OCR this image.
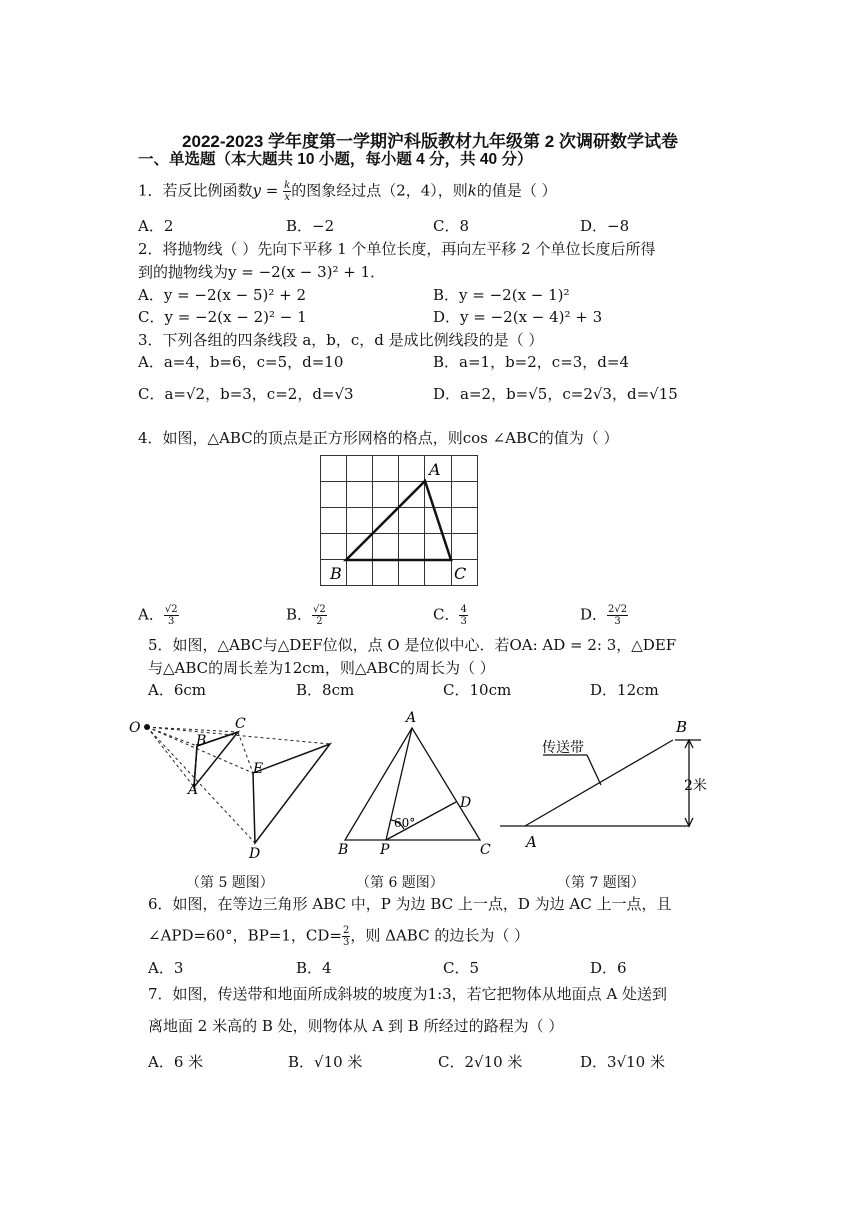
2022-2023 学年度第一学期沪科版教材九年级第 2 次调研数学试卷
一、单选题（本大题共 10 小题，每小题 4 分，共 40 分）
1．若反比例函数$y = \frac{k}{x}$ 的图象经过点（2，4），则k的值是（ ）
A．2	B．−2	C．8	D．−8
2．将抛物线（ ）先向下平移 1 个单位长度，再向左平移 2 个单位长度后所得
到的抛物线为y = −2(x − 3)² + 1．
A．y = −2(x − 5)² + 2	B．y = −2(x − 1)²
C．y = −2(x − 2)² − 1	D．y = −2(x − 4)² + 3
3．下列各组的四条线段 a，b，c，d 是成比例线段的是（ ）
A．a=4，b=6，c=5，d=10	B．a=1，b=2，c=3，d=4
C．a=√2，b=3，c=2，d=√3	D．a=2，b=√5，c=2√3，d=√15
4．如图，△ABC的顶点是正方形网格的格点，则cos ∠ABC的值为（ ）
A
B	C
A． $\frac{√2}{3}$	B． $\frac{√2}{2}$	C． $\frac{4}{3}$	D． $\frac{2√2}{3}$
5．如图，△ABC与△DEF位似，点 O 是位似中心．若OA: AD = 2: 3，△DEF
与△ABC的周长差为12cm，则△ABC的周长为（ ）
A．6cm	B．8cm	C．10cm	D．12cm
O	C
B
E
A
D
A
D
60°
B P	C
B
传送带
2米
A
（第 5 题图）	（第 6 题图）	（第 7 题图）
6．如图，在等边三角形 ABC 中，P 为边 BC 上一点，D 为边 AC 上一点，且
∠APD=60°，BP=1，$CD= \frac{2}{3}$ ，则 ΔABC 的边长为（ ）
A．3	B．4	C．5	D．6
7．如图，传送带和地面所成斜坡的坡度为1:3，若它把物体从地面点 A 处送到
离地面 2 米高的 B 处，则物体从 A 到 B 所经过的路程为（ ）
A．6 米	B．√10 米	C．2√10 米	D．3√10 米
